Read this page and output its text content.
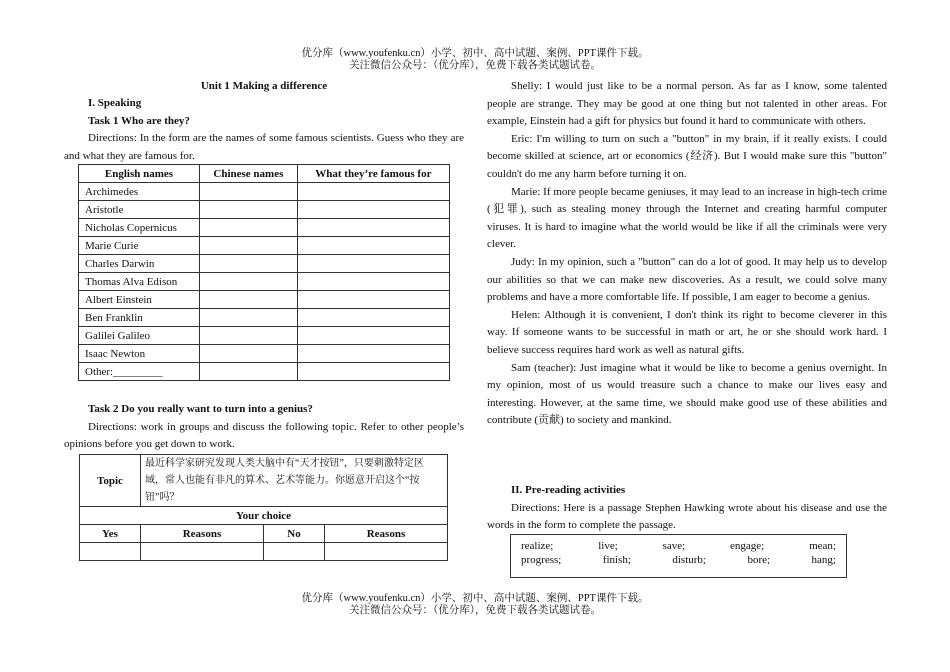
优分库（www.youfenku.cn）小学、初中、高中试题、案例、PPT课件下载。
关注微信公众号：（优分库），免费下载各类试题试卷。
Unit 1 Making a difference
I. Speaking
Task 1 Who are they?

Directions: In the form are the names of some famous scientists. Guess who they are and what they are famous for.

English names	Chinese names	What they’re famous for
Archimedes		
Aristotle		
Nicholas Copernicus		
Marie Curie		
Charles Darwin		
Thomas Alva Edison		
Albert Einstein		
Ben Franklin		
Galilei Galileo		
Isaac Newton		
Other:_________		
Task 2 Do you really want to turn into a genius?

Directions: work in groups and discuss the following topic. Refer to other people’s opinions before you get down to work.

Topic	最近科学家研究发现人类大脑中有“天才按钮”，只要刺激特定区域，常人也能有非凡的算术、艺术等能力。你愿意开启这个“按钮”吗？		
Your choice			
Yes	Reasons	No	Reasons

Shelly: I would just like to be a normal person. As far as I know, some talented people are strange. They may be good at one thing but not talented in other areas. For example, Einstein had a gift for physics but found it hard to communicate with others.

Eric: I'm willing to turn on such a "button" in my brain, if it really exists. I could become skilled at science, art or economics (经济). But I would make sure this "button" couldn't do me any harm before turning it on.

Marie: If more people became geniuses, it may lead to an increase in high-tech crime (犯罪), such as stealing money through the Internet and creating harmful computer viruses. It is hard to imagine what the world would be like if all the criminals were very clever.

Judy: In my opinion, such a "button" can do a lot of good. It may help us to develop our abilities so that we can make new discoveries. As a result, we could solve many problems and have a more comfortable life. If possible, I am eager to become a genius.

Helen: Although it is convenient, I don't think its right to become cleverer in this way. If someone wants to be successful in math or art, he or she should work hard. I believe success requires hard work as well as natural gifts.

Sam (teacher): Just imagine what it would be like to become a genius overnight. In my opinion, most of us would treasure such a chance to make our lives easy and interesting. However, at the same time, we should make good use of these abilities and contribute (贡献) to society and mankind.

II. Pre-reading activities

Directions: Here is a passage Stephen Hawking wrote about his disease and use the words in the form to complete the passage.

realize;	live;	save;	engage;	mean;
progress;	finish;	disturb;	bore;	hang;
优分库（www.youfenku.cn）小学、初中、高中试题、案例、PPT课件下载。
关注微信公众号：（优分库），免费下载各类试题试卷。
